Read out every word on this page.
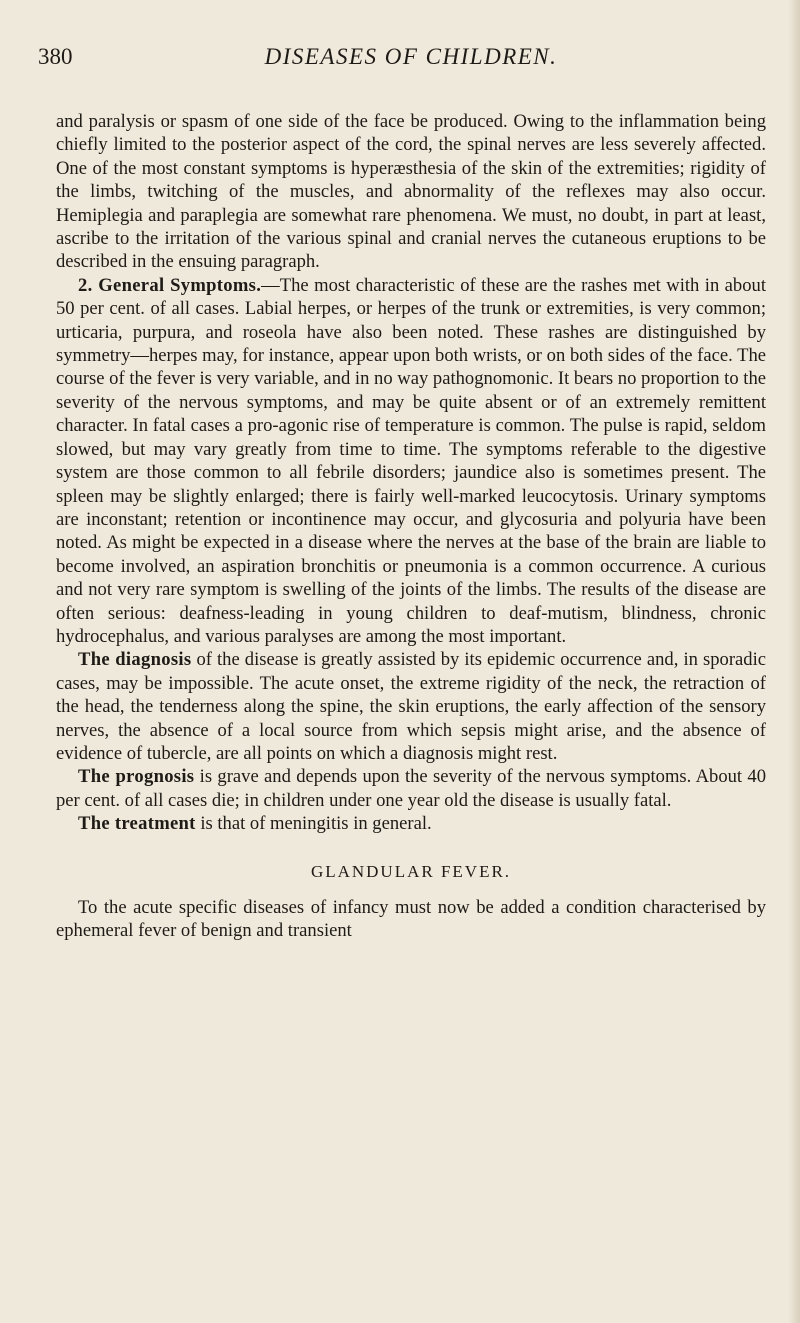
380	DISEASES OF CHILDREN.

and paralysis or spasm of one side of the face be produced. Owing to the inflammation being chiefly limited to the posterior aspect of the cord, the spinal nerves are less severely affected. One of the most constant symptoms is hyperæsthesia of the skin of the extremities; rigidity of the limbs, twitching of the muscles, and abnormality of the reflexes may also occur. Hemiplegia and paraplegia are somewhat rare phenomena. We must, no doubt, in part at least, ascribe to the irritation of the various spinal and cranial nerves the cutaneous eruptions to be described in the ensuing paragraph.

2. General Symptoms.—The most characteristic of these are the rashes met with in about 50 per cent. of all cases. Labial herpes, or herpes of the trunk or extremities, is very common; urticaria, purpura, and roseola have also been noted. These rashes are distinguished by symmetry—herpes may, for instance, appear upon both wrists, or on both sides of the face. The course of the fever is very variable, and in no way pathognomonic. It bears no proportion to the severity of the nervous symptoms, and may be quite absent or of an extremely remittent character. In fatal cases a pro-agonic rise of temperature is common. The pulse is rapid, seldom slowed, but may vary greatly from time to time. The symptoms referable to the digestive system are those common to all febrile disorders; jaundice also is sometimes present. The spleen may be slightly enlarged; there is fairly well-marked leucocytosis. Urinary symptoms are inconstant; retention or incontinence may occur, and glycosuria and polyuria have been noted. As might be expected in a disease where the nerves at the base of the brain are liable to become involved, an aspiration bronchitis or pneumonia is a common occurrence. A curious and not very rare symptom is swelling of the joints of the limbs. The results of the disease are often serious: deafness-leading in young children to deaf-mutism, blindness, chronic hydrocephalus, and various paralyses are among the most important.

The diagnosis of the disease is greatly assisted by its epidemic occurrence and, in sporadic cases, may be impossible. The acute onset, the extreme rigidity of the neck, the retraction of the head, the tenderness along the spine, the skin eruptions, the early affection of the sensory nerves, the absence of a local source from which sepsis might arise, and the absence of evidence of tubercle, are all points on which a diagnosis might rest.

The prognosis is grave and depends upon the severity of the nervous symptoms. About 40 per cent. of all cases die; in children under one year old the disease is usually fatal.

The treatment is that of meningitis in general.

GLANDULAR FEVER.

To the acute specific diseases of infancy must now be added a condition characterised by ephemeral fever of benign and transient
